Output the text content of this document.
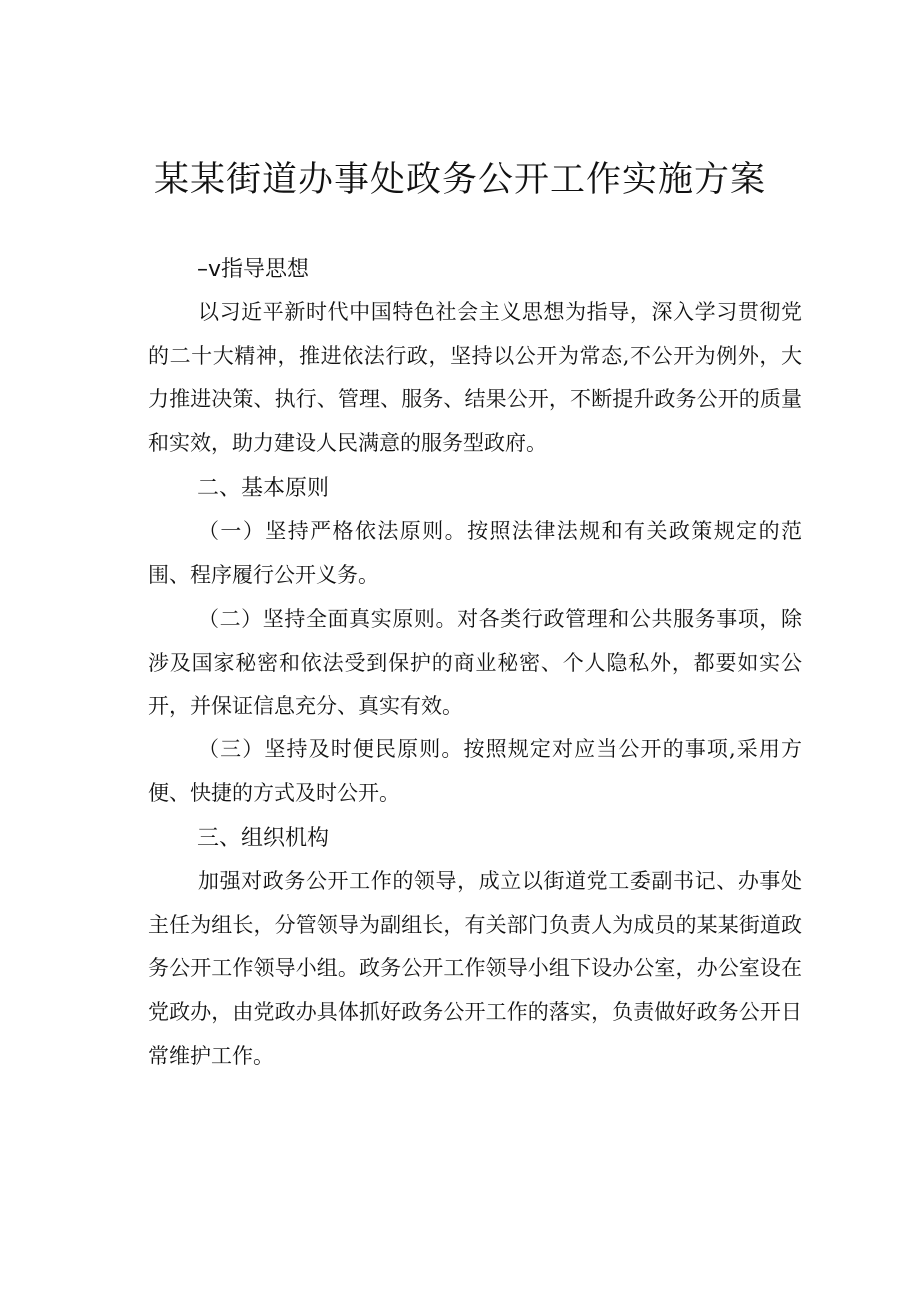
某某街道办事处政务公开工作实施方案
–v指导思想

以习近平新时代中国特色社会主义思想为指导，深入学习贯彻党的二十大精神，推进依法行政，坚持以公开为常态,不公开为例外，大力推进决策、执行、管理、服务、结果公开，不断提升政务公开的质量和实效，助力建设人民满意的服务型政府。

二、基本原则

（一）坚持严格依法原则。按照法律法规和有关政策规定的范围、程序履行公开义务。

（二）坚持全面真实原则。对各类行政管理和公共服务事项，除涉及国家秘密和依法受到保护的商业秘密、个人隐私外，都要如实公开，并保证信息充分、真实有效。

（三）坚持及时便民原则。按照规定对应当公开的事项,采用方便、快捷的方式及时公开。

三、组织机构

加强对政务公开工作的领导，成立以街道党工委副书记、办事处主任为组长，分管领导为副组长，有关部门负责人为成员的某某街道政务公开工作领导小组。政务公开工作领导小组下设办公室，办公室设在党政办，由党政办具体抓好政务公开工作的落实，负责做好政务公开日常维护工作。
